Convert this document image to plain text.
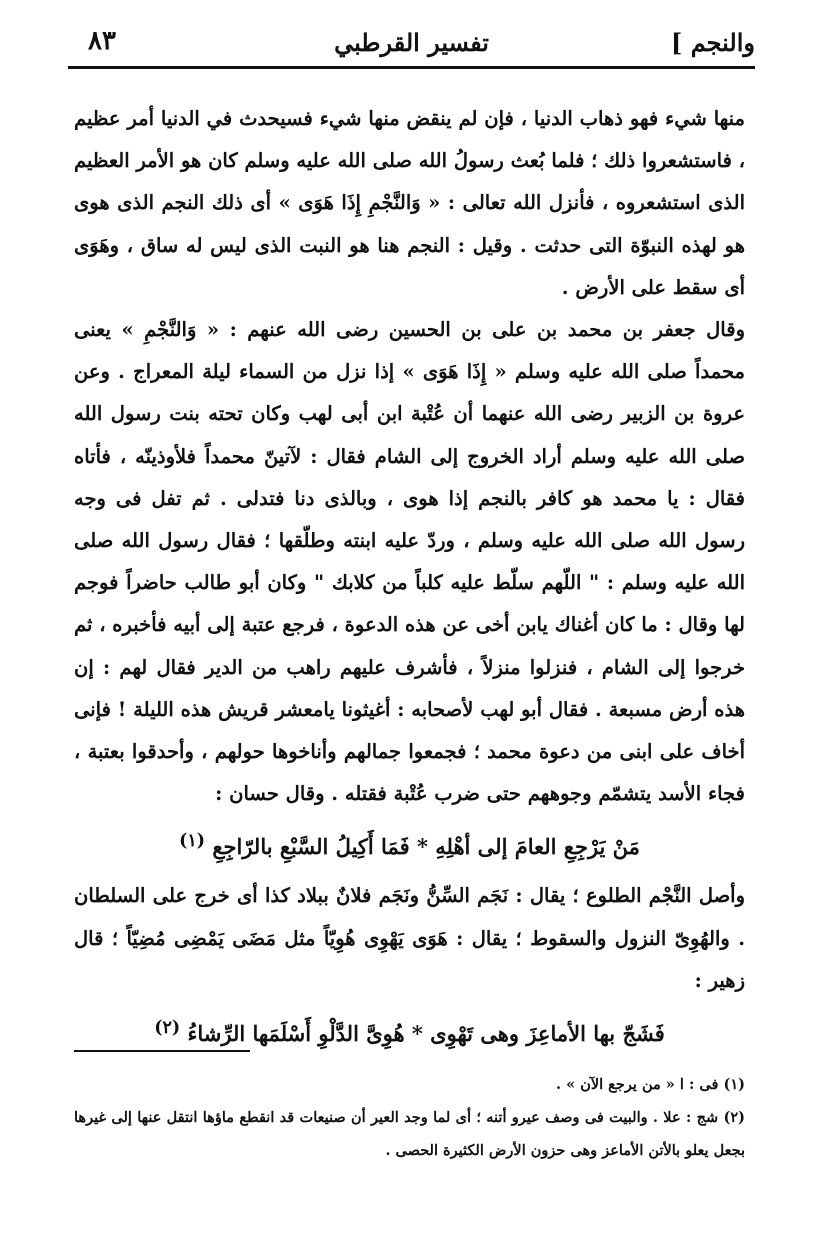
والنجم ]
تفسير القرطبي
٨٣

منها شيء فهو ذهاب الدنيا ، فإن لم ينقض منها شيء فسيحدث في الدنيا أمر عظيم ، فاستشعروا ذلك ؛ فلما بُعث رسولُ الله صلى الله عليه وسلم كان هو الأمر العظيم الذى استشعروه ، فأنزل الله تعالى : « وَالنَّجْمِ إِذَا هَوَى » أى ذلك النجم الذى هوى هو لهذه النبوّة التى حدثت . وقيل : النجم هنا هو النبت الذى ليس له ساق ، وهَوَى أى سقط على الأرض .

وقال جعفر بن محمد بن على بن الحسين رضى الله عنهم : « وَالنَّجْمِ » يعنى محمداً صلى الله عليه وسلم « إِذَا هَوَى » إذا نزل من السماء ليلة المعراج . وعن عروة بن الزبير رضى الله عنهما أن عُتْبة ابن أبى لهب وكان تحته بنت رسول الله صلى الله عليه وسلم أراد الخروج إلى الشام فقال : لآتينّ محمداً فلأوذينّه ، فأتاه فقال : يا محمد هو كافر بالنجم إذا هوى ، وبالذى دنا فتدلى . ثم تفل فى وجه رسول الله صلى الله عليه وسلم ، وردّ عليه ابنته وطلّقها ؛ فقال رسول الله صلى الله عليه وسلم : " اللّهم سلّط عليه كلباً من كلابك " وكان أبو طالب حاضراً فوجم لها وقال : ما كان أغناك يابن أخى عن هذه الدعوة ، فرجع عتبة إلى أبيه فأخبره ، ثم خرجوا إلى الشام ، فنزلوا منزلاً ، فأشرف عليهم راهب من الدير فقال لهم : إن هذه أرض مسبعة . فقال أبو لهب لأصحابه : أغيثونا يامعشر قريش هذه الليلة ! فإنى أخاف على ابنى من دعوة محمد ؛ فجمعوا جمالهم وأناخوها حولهم ، وأحدقوا بعتبة ، فجاء الأسد يتشمّم وجوههم حتى ضرب عُتْبة فقتله . وقال حسان :

مَنْ يَرْجِعِ العامَ إلى أهْلِهِ * فَمَا أَكِيلُ السَّبْعِ بالرّاجِعِ $^{(١)}$

وأصل النَّجْم الطلوع ؛ يقال : نَجَم السِّنُّ ونَجَم فلانٌ ببلاد كذا أى خرج على السلطان . والهُوِىّ النزول والسقوط ؛ يقال : هَوَى يَهْوِى هُوِيّاً مثل مَضَى يَمْضِى مُضِيّاً ؛ قال زهير :

فَشَجّ بها الأماعِزَ وهى تَهْوِى * هُوِىَّ الدَّلْوِ أَسْلَمَها الرِّشاءُ $^{(٢)}$

(١) فى : ا « من يرجع الآن » .

(٢) شج : علا . والبيت فى وصف عيرو أتنه ؛ أى لما وجد العير أن صنيعات قد انقطع ماؤها انتقل عنها إلى غيرها بجعل يعلو بالأتن الأماعز وهى حزون الأرض الكثيرة الحصى .
